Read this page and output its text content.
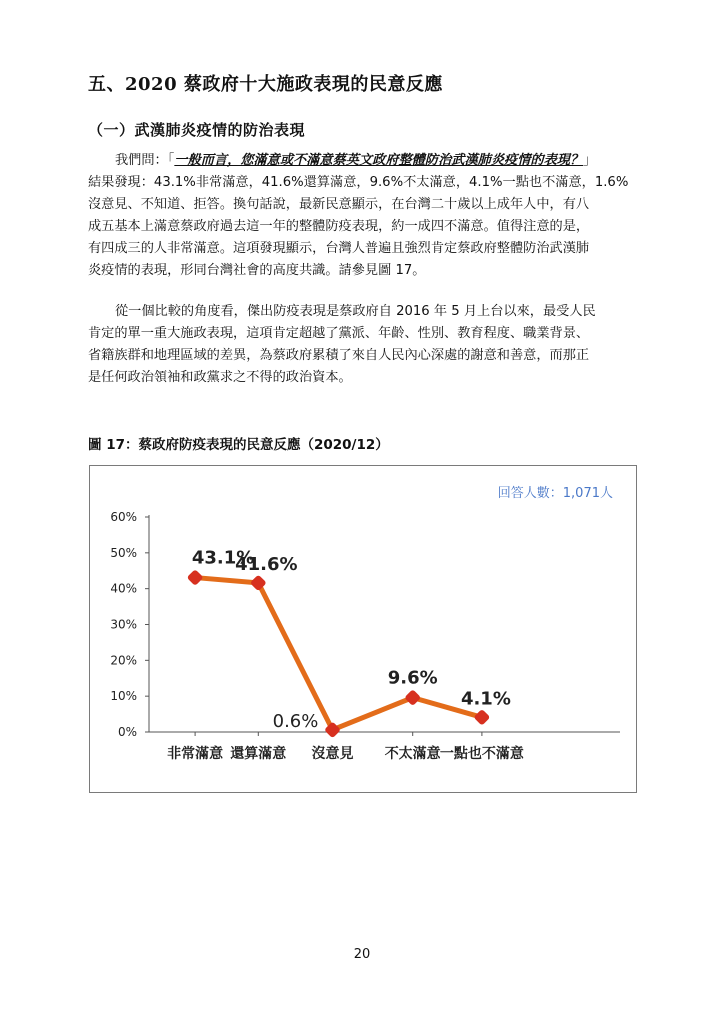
五、2020 蔡政府十大施政表現的民意反應
（一）武漢肺炎疫情的防治表現
我們問：「一般而言，您滿意或不滿意蔡英文政府整體防治武漢肺炎疫情的表現？」
結果發現：43.1%非常滿意，41.6%還算滿意，9.6%不太滿意，4.1%一點也不滿意，1.6%
沒意見、不知道、拒答。換句話說，最新民意顯示，在台灣二十歲以上成年人中，有八
成五基本上滿意蔡政府過去這一年的整體防疫表現，約一成四不滿意。值得注意的是，
有四成三的人非常滿意。這項發現顯示，台灣人普遍且強烈肯定蔡政府整體防治武漢肺
炎疫情的表現，形同台灣社會的高度共識。請參見圖 17。
從一個比較的角度看，傑出防疫表現是蔡政府自 2016 年 5 月上台以來，最受人民
肯定的單一重大施政表現，這項肯定超越了黨派、年齡、性別、教育程度、職業背景、
省籍族群和地理區域的差異，為蔡政府累積了來自人民內心深處的謝意和善意，而那正
是任何政治領袖和政黨求之不得的政治資本。
圖 17：蔡政府防疫表現的民意反應（2020/12）
0%
10%
20%
30%
40%
50%
60%
非常滿意 還算滿意 沒意見 不太滿意 一點也不滿意
43.1%
41.6%
0.6%
9.6%
4.1%
回答人數：1,071人
20
